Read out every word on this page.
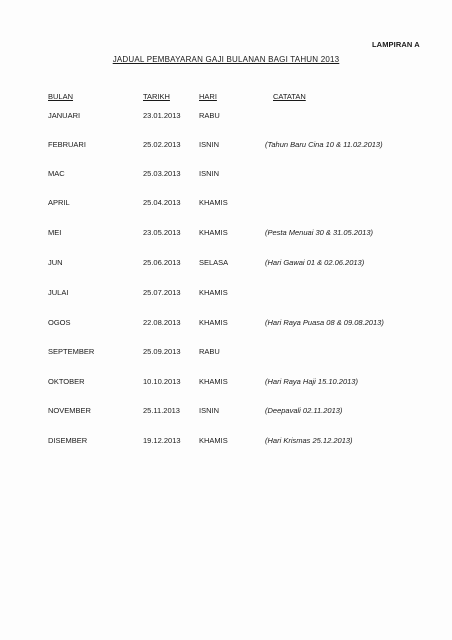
LAMPIRAN A
JADUAL PEMBAYARAN GAJI BULANAN BAGI TAHUN 2013
BULAN	TARIKH	HARI	CATATAN
JANUARI	23.01.2013 RABU
FEBRUARI	25.02.2013 ISNIN	(Tahun Baru Cina 10 & 11.02.2013)
MAC	25.03.2013 ISNIN
APRIL	25.04.2013 KHAMIS
MEI	23.05.2013 KHAMIS	(Pesta Menuai 30 & 31.05.2013)
JUN	25.06.2013 SELASA	(Hari Gawai 01 & 02.06.2013)
JULAI	25.07.2013 KHAMIS
OGOS	22.08.2013 KHAMIS	(Hari Raya Puasa 08 & 09.08.2013)
SEPTEMBER	25.09.2013 RABU
OKTOBER	10.10.2013 KHAMIS	(Hari Raya Haji 15.10.2013)
NOVEMBER	25.11.2013	ISNIN	(Deepavali 02.11.2013)
DISEMBER	19.12.2013 KHAMIS	(Hari Krismas 25.12.2013)
